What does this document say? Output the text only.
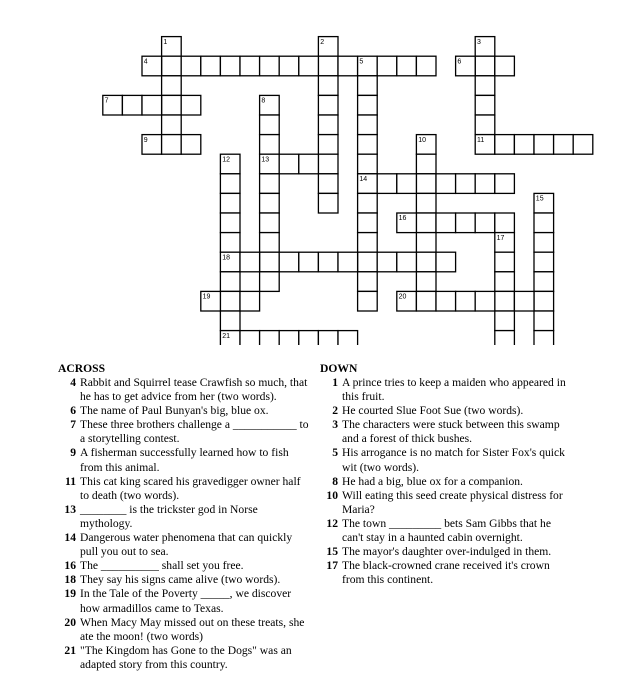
1	2	3
4	5	6
7	8
9	10	11
12	13
14
15
16
17
18
19	20
21
ACROSS
4 Rabbit and Squirrel tease Crawfish so much, that he has to get advice from her (two words).
6 The name of Paul Bunyan's big, blue ox.
7 These three brothers challenge a ___________ to a storytelling contest.
9 A fisherman successfully learned how to fish from this animal.
11 This cat king scared his gravedigger owner half to death (two words).
13 ________ is the trickster god in Norse mythology.
14 Dangerous water phenomena that can quickly pull you out to sea.
16 The __________ shall set you free.
18 They say his signs came alive (two words).
19 In the Tale of the Poverty _____, we discover how armadillos came to Texas.
20 When Macy May missed out on these treats, she ate the moon! (two words)
21 "The Kingdom has Gone to the Dogs" was an adapted story from this country.
DOWN
1 A prince tries to keep a maiden who appeared in this fruit.
2 He courted Slue Foot Sue (two words).
3 The characters were stuck between this swamp and a forest of thick bushes.
5 His arrogance is no match for Sister Fox's quick wit (two words).
8 He had a big, blue ox for a companion.
10 Will eating this seed create physical distress for Maria?
12 The town _________ bets Sam Gibbs that he can't stay in a haunted cabin overnight.
15 The mayor's daughter over-indulged in them.
17 The black-crowned crane received it's crown from this continent.
